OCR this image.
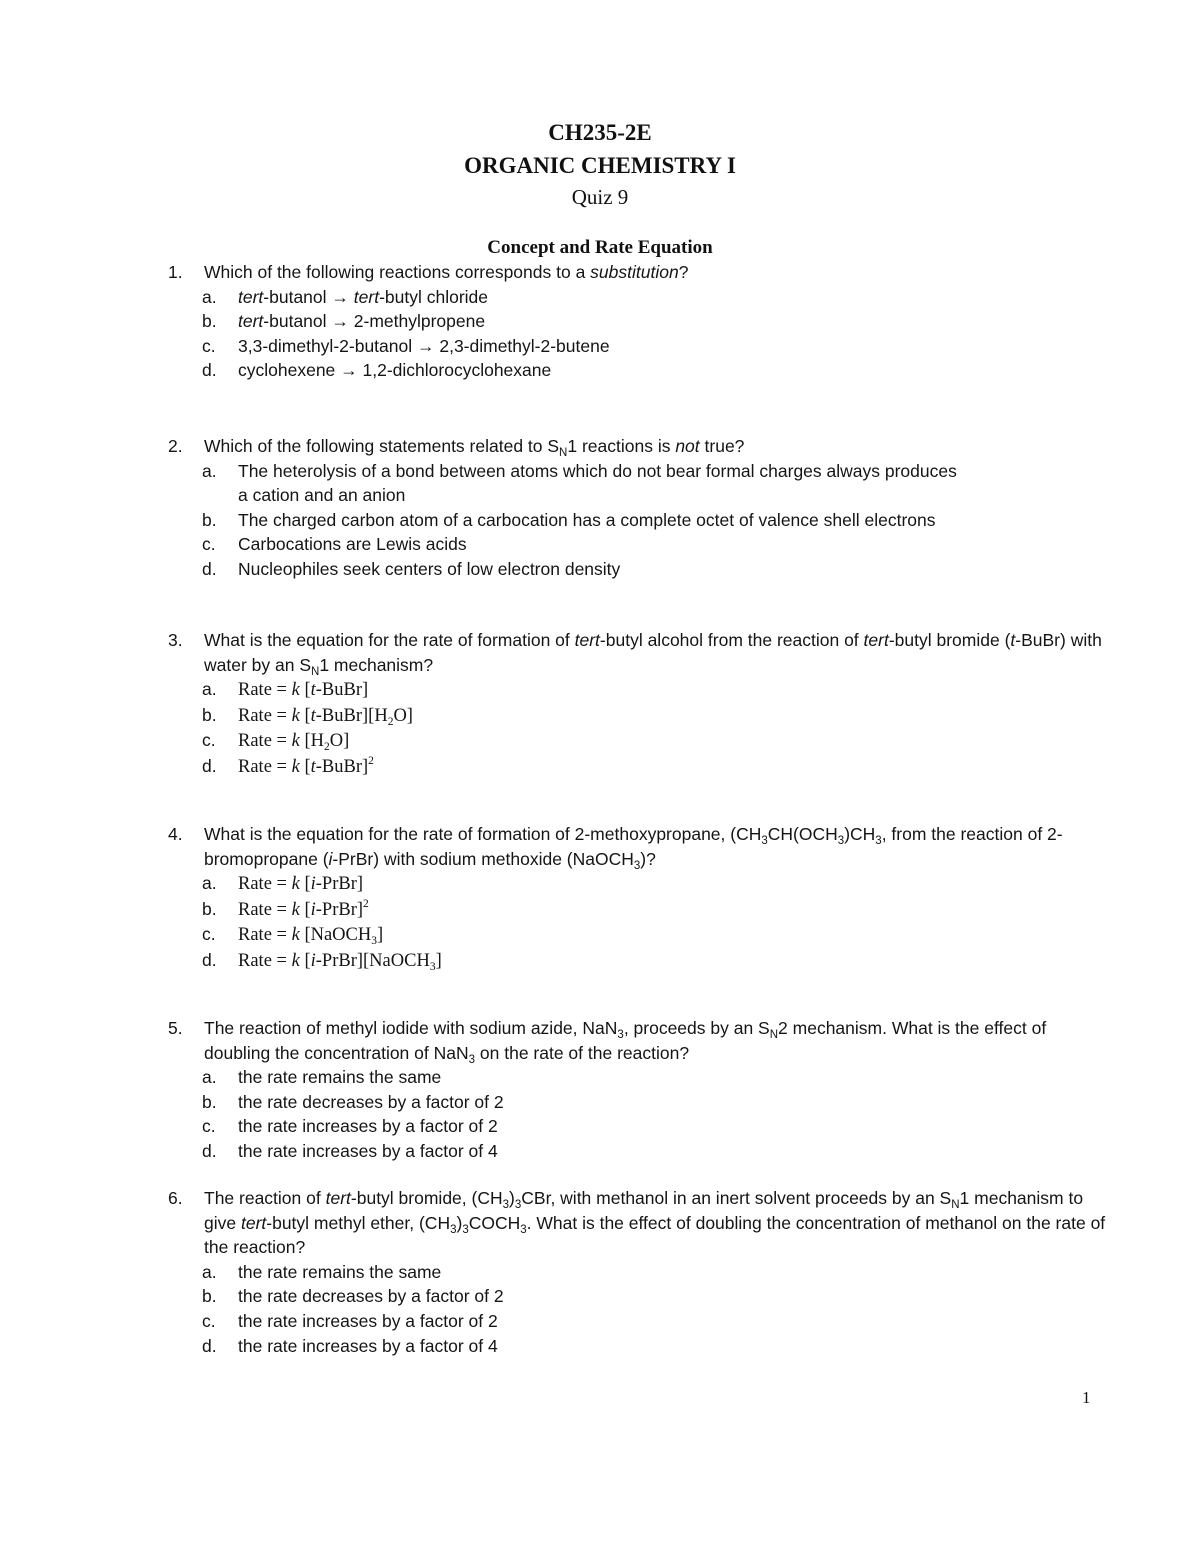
CH235-2E
ORGANIC CHEMISTRY I
Quiz 9
Concept and Rate Equation
1.	Which of the following reactions corresponds to a substitution?
a.	tert-butanol → tert-butyl chloride
b.	tert-butanol → 2-methylpropene
c.	3,3-dimethyl-2-butanol → 2,3-dimethyl-2-butene
d.	cyclohexene → 1,2-dichlorocyclohexane
2.	Which of the following statements related to $S_N1$ reactions is not true?
a.	The heterolysis of a bond between atoms which do not bear formal charges always produces a cation and an anion
b.	The charged carbon atom of a carbocation has a complete octet of valence shell electrons
c.	Carbocations are Lewis acids
d.	Nucleophiles seek centers of low electron density
3.	What is the equation for the rate of formation of tert-butyl alcohol from the reaction of tert-butyl bromide (t-BuBr) with water by an $S_N1$ mechanism?
a.	Rate = k [t-BuBr]
b.	Rate = k $[t-BuBr][H_2O]$
c.	Rate = k $[H_2O]$
d.	Rate = k [t-BuBr]$^2$
4.	What is the equation for the rate of formation of 2-methoxypropane, ($CH_3CH(OCH_3)CH_3$, from the reaction of 2-bromopropane (i-PrBr) with sodium methoxide (NaOCH$_3$)?
a.	Rate = k [i-PrBr]
b.	Rate = k [i-PrBr]$^2$
c.	Rate = k [NaOCH$_3$]
d.	Rate = k [i-PrBr][NaOCH$_3$]
5.	The reaction of methyl iodide with sodium azide, NaN$_3$, proceeds by an $S_N2$ mechanism. What is the effect of doubling the concentration of NaN$_3$ on the rate of the reaction?
a.	the rate remains the same
b.	the rate decreases by a factor of 2
c.	the rate increases by a factor of 2
d.	the rate increases by a factor of 4
6.	The reaction of tert-butyl bromide, $(CH_3)_3CBr$, with methanol in an inert solvent proceeds by an $S_N1$ mechanism to give tert-butyl methyl ether, $(CH_3)_3COCH_3$. What is the effect of doubling the concentration of methanol on the rate of the reaction?
a.	the rate remains the same
b.	the rate decreases by a factor of 2
c.	the rate increases by a factor of 2
d.	the rate increases by a factor of 4
1
